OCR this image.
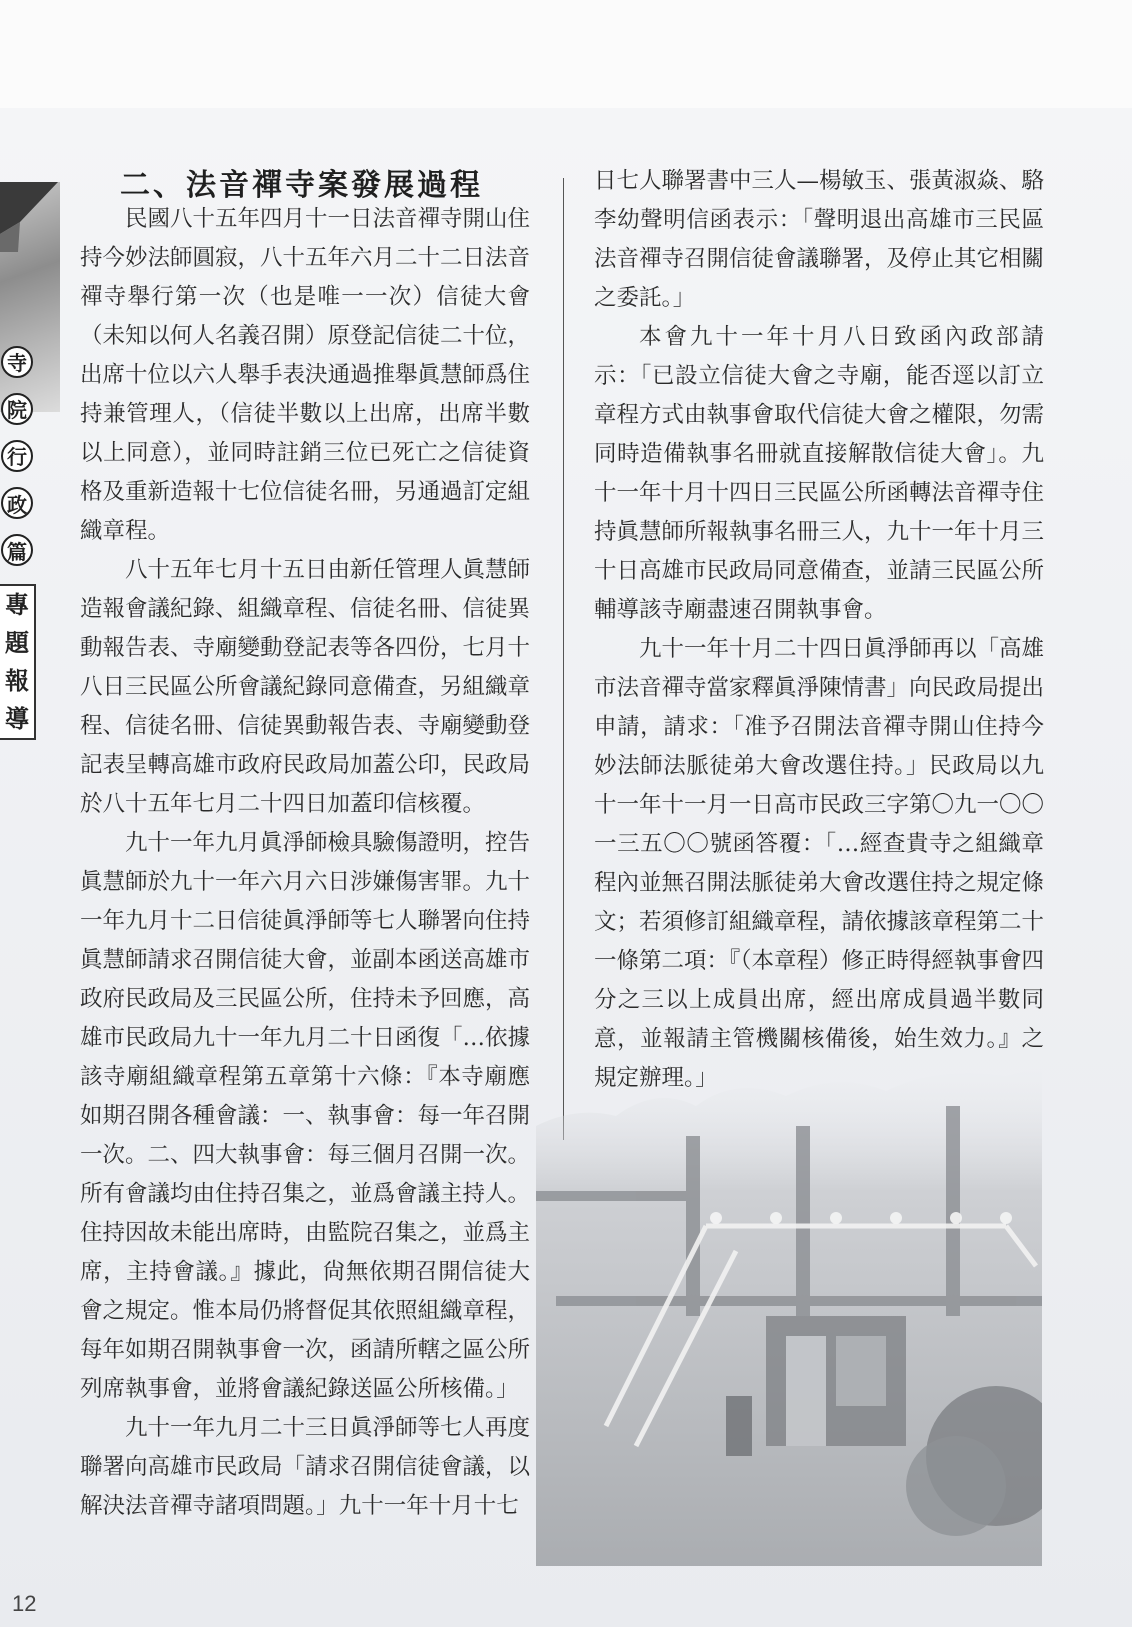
寺
院
行
政
篇
專
題
報
導
二、法音禪寺案發展過程

民國八十五年四月十一日法音禪寺開山住持今妙法師圓寂，八十五年六月二十二日法音禪寺舉行第一次（也是唯一一次）信徒大會（未知以何人名義召開）原登記信徒二十位，出席十位以六人舉手表決通過推舉眞慧師爲住持兼管理人，（信徒半數以上出席，出席半數以上同意），並同時註銷三位已死亡之信徒資格及重新造報十七位信徒名冊，另通過訂定組織章程。

八十五年七月十五日由新任管理人眞慧師造報會議紀錄、組織章程、信徒名冊、信徒異動報告表、寺廟變動登記表等各四份，七月十八日三民區公所會議紀錄同意備查，另組織章程、信徒名冊、信徒異動報告表、寺廟變動登記表呈轉高雄市政府民政局加蓋公印，民政局於八十五年七月二十四日加蓋印信核覆。

九十一年九月眞淨師檢具驗傷證明，控告眞慧師於九十一年六月六日涉嫌傷害罪。九十一年九月十二日信徒眞淨師等七人聯署向住持眞慧師請求召開信徒大會，並副本函送高雄市政府民政局及三民區公所，住持未予回應，高雄市民政局九十一年九月二十日函復「…依據該寺廟組織章程第五章第十六條：『本寺廟應如期召開各種會議：一、執事會：每一年召開一次。二、四大執事會：每三個月召開一次。所有會議均由住持召集之，並爲會議主持人。住持因故未能出席時，由監院召集之，並爲主席，主持會議。』據此，尙無依期召開信徒大會之規定。惟本局仍將督促其依照組織章程，每年如期召開執事會一次，函請所轄之區公所列席執事會，並將會議紀錄送區公所核備。」

九十一年九月二十三日眞淨師等七人再度聯署向高雄市民政局「請求召開信徒會議，以解決法音禪寺諸項問題。」九十一年十月十七

日七人聯署書中三人—楊敏玉、張黃淑焱、駱李幼聲明信函表示：「聲明退出高雄市三民區法音禪寺召開信徒會議聯署，及停止其它相關之委託。」

本會九十一年十月八日致函內政部請示：「已設立信徒大會之寺廟，能否逕以訂立章程方式由執事會取代信徒大會之權限，勿需同時造備執事名冊就直接解散信徒大會」。九十一年十月十四日三民區公所函轉法音禪寺住持眞慧師所報執事名冊三人，九十一年十月三十日高雄市民政局同意備查，並請三民區公所輔導該寺廟盡速召開執事會。

九十一年十月二十四日眞淨師再以「高雄市法音禪寺當家釋眞淨陳情書」向民政局提出申請，請求：「准予召開法音禪寺開山住持今妙法師法脈徒弟大會改選住持。」民政局以九十一年十一月一日高市民政三字第〇九一〇〇一三五〇〇號函答覆：「…經查貴寺之組織章程內並無召開法脈徒弟大會改選住持之規定條文；若須修訂組織章程，請依據該章程第二十一條第二項：『（本章程）修正時得經執事會四分之三以上成員出席，經出席成員過半數同意，並報請主管機關核備後，始生效力。』之規定辦理。」

12
